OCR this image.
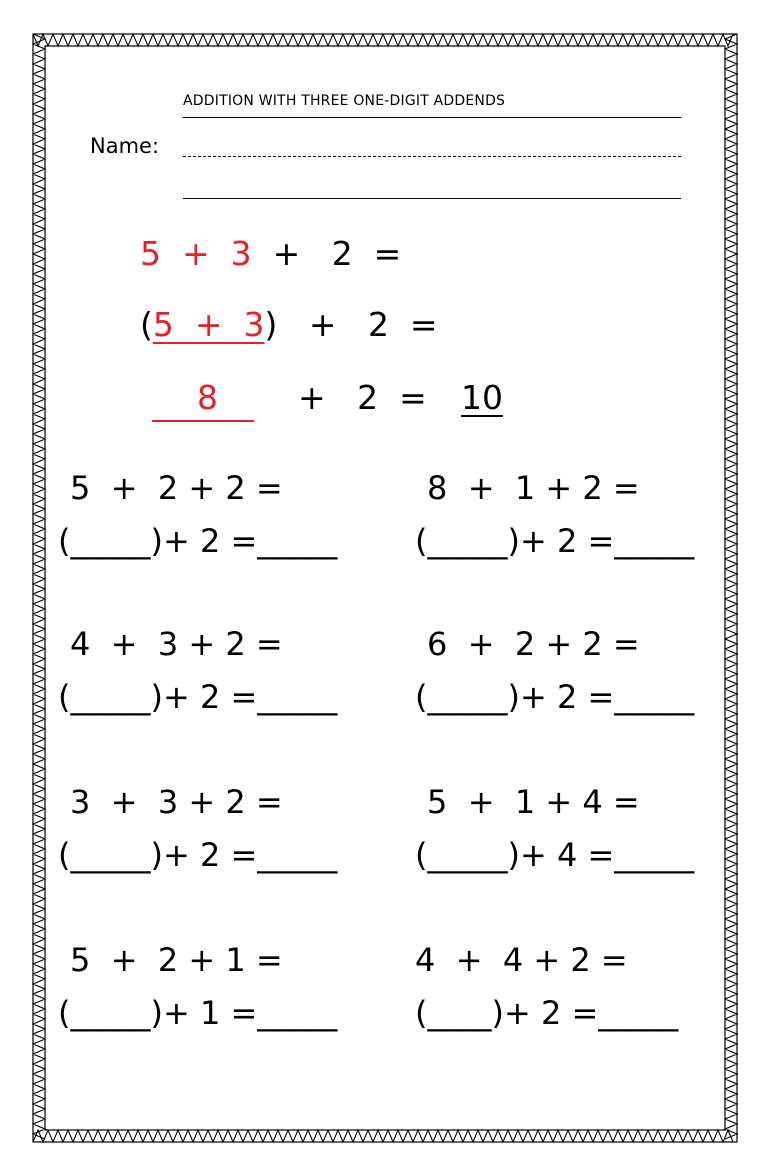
ADDITION WITH THREE ONE-DIGIT ADDENDS
Name:
5  +  3  +   2  =
(5  +  3)   +   2  =
8 +   2  = 10
5  +  2 + 2 =
(_____)+ 2 =_____
8  +  1 + 2 =
(_____)+ 2 =_____
4  +  3 + 2 =
(_____)+ 2 =_____
6  +  2 + 2 =
(_____)+ 2 =_____
3  +  3 + 2 =
(_____)+ 2 =_____
5  +  1 + 4 =
(_____)+ 4 =_____
5  +  2 + 1 =
(_____)+ 1 =_____
4  +  4 + 2 =
(____)+ 2 =_____
